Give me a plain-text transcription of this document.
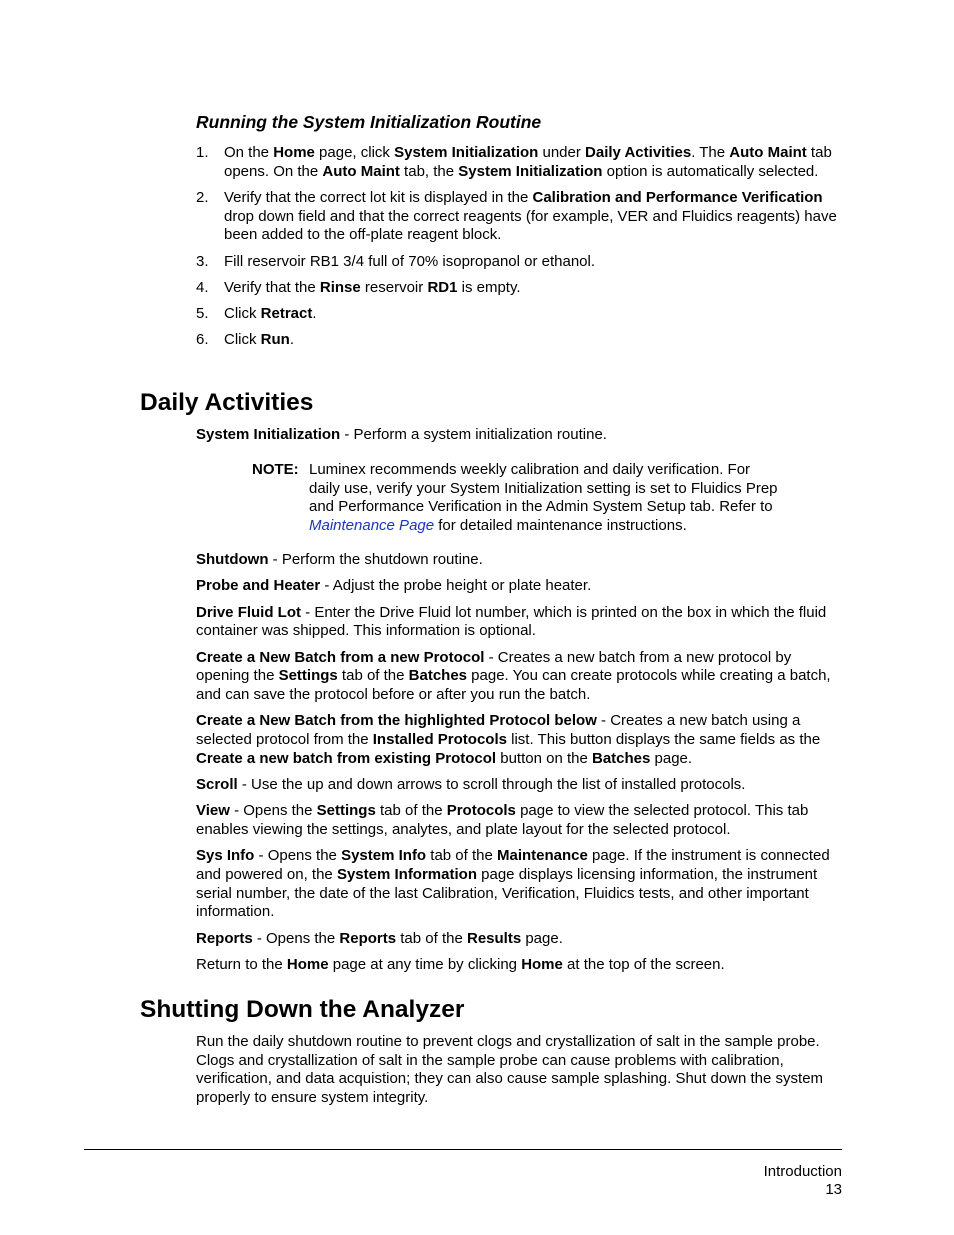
Running the System Initialization Routine
1. On the Home page, click System Initialization under Daily Activities. The Auto Maint tab opens. On the Auto Maint tab, the System Initialization option is automatically selected.
2. Verify that the correct lot kit is displayed in the Calibration and Performance Verification drop down field and that the correct reagents (for example, VER and Fluidics reagents) have been added to the off-plate reagent block.
3. Fill reservoir RB1 3/4 full of 70% isopropanol or ethanol.
4. Verify that the Rinse reservoir RD1 is empty.
5. Click Retract.
6. Click Run.
Daily Activities

System Initialization - Perform a system initialization routine.

NOTE: Luminex recommends weekly calibration and daily verification. For daily use, verify your System Initialization setting is set to Fluidics Prep and Performance Verification in the Admin System Setup tab. Refer to Maintenance Page for detailed maintenance instructions.

Shutdown - Perform the shutdown routine.

Probe and Heater - Adjust the probe height or plate heater.

Drive Fluid Lot - Enter the Drive Fluid lot number, which is printed on the box in which the fluid container was shipped. This information is optional.

Create a New Batch from a new Protocol - Creates a new batch from a new protocol by opening the Settings tab of the Batches page. You can create protocols while creating a batch, and can save the protocol before or after you run the batch.

Create a New Batch from the highlighted Protocol below - Creates a new batch using a selected protocol from the Installed Protocols list. This button displays the same fields as the Create a new batch from existing Protocol button on the Batches page.

Scroll - Use the up and down arrows to scroll through the list of installed protocols.

View - Opens the Settings tab of the Protocols page to view the selected protocol. This tab enables viewing the settings, analytes, and plate layout for the selected protocol.

Sys Info - Opens the System Info tab of the Maintenance page. If the instrument is connected and powered on, the System Information page displays licensing information, the instrument serial number, the date of the last Calibration, Verification, Fluidics tests, and other important information.

Reports - Opens the Reports tab of the Results page.

Return to the Home page at any time by clicking Home at the top of the screen.

Shutting Down the Analyzer

Run the daily shutdown routine to prevent clogs and crystallization of salt in the sample probe. Clogs and crystallization of salt in the sample probe can cause problems with calibration, verification, and data acquistion; they can also cause sample splashing. Shut down the system properly to ensure system integrity.

Introduction
13
